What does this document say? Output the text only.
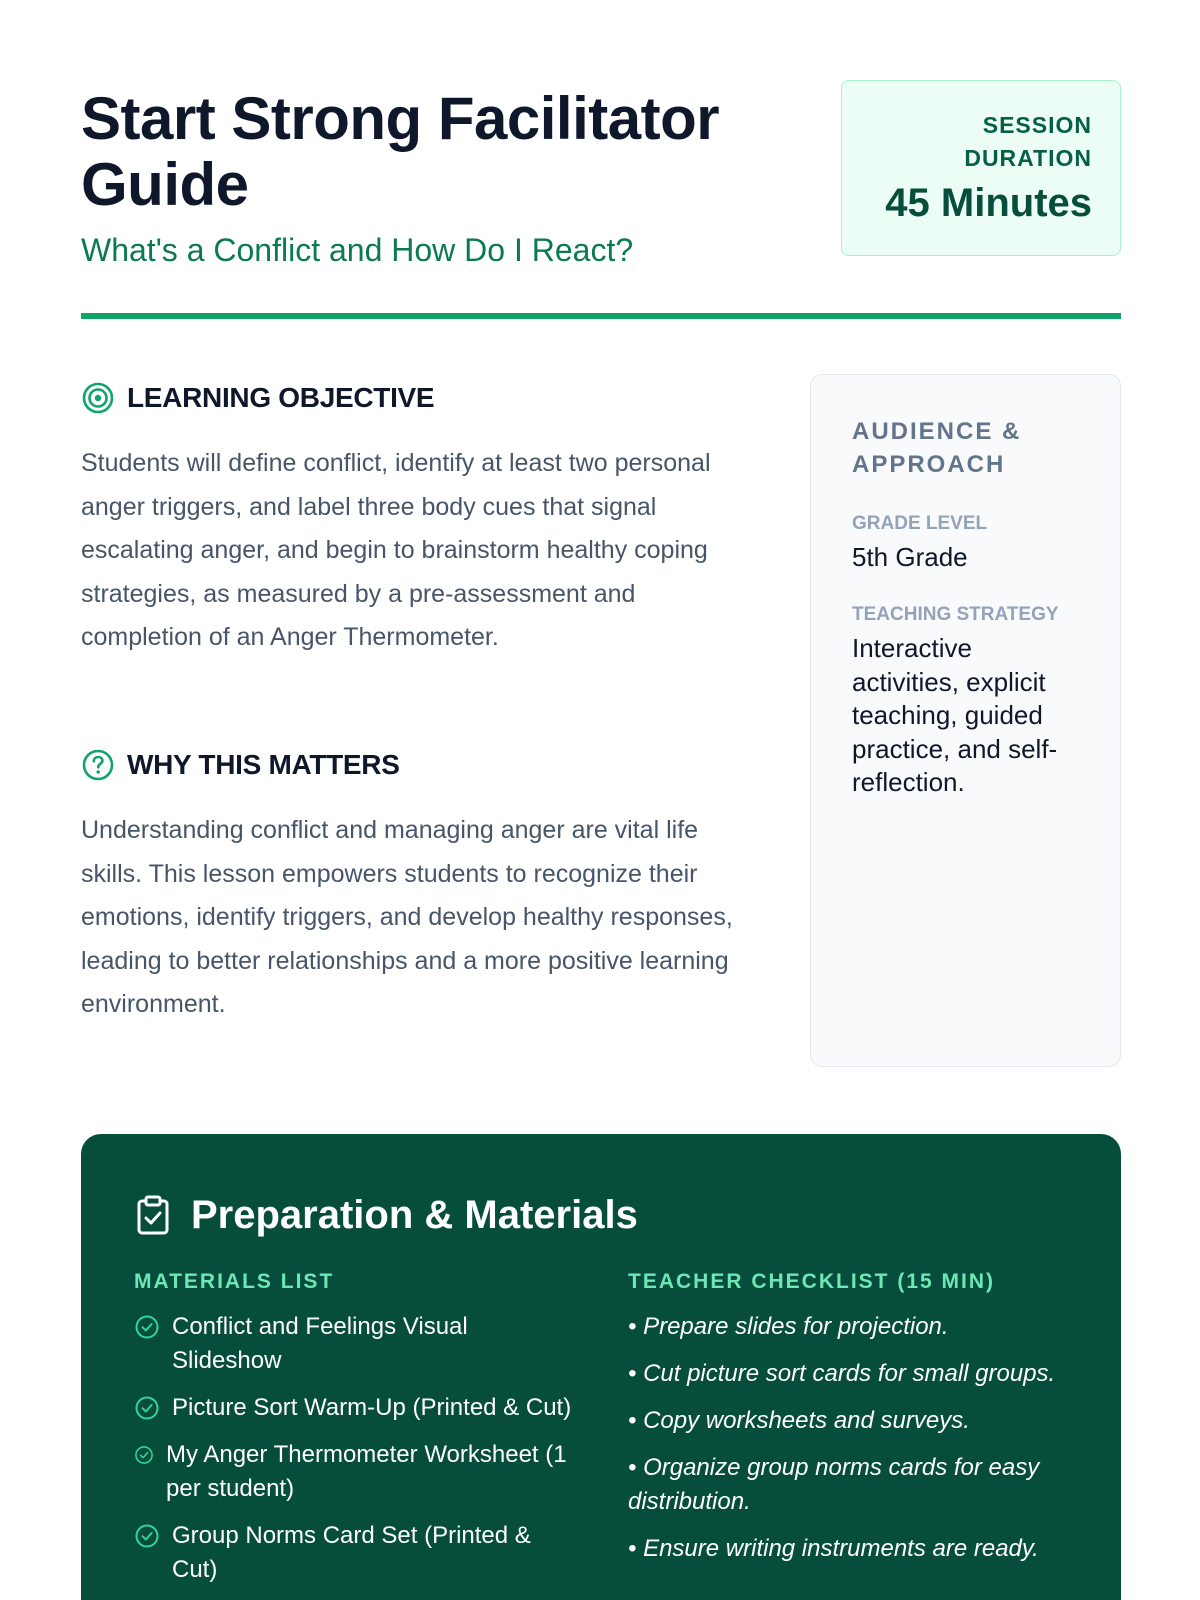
Start Strong Facilitator Guide
What's a Conflict and How Do I React?
SESSION DURATION
45 Minutes
LEARNING OBJECTIVE

Students will define conflict, identify at least two personal anger triggers, and label three body cues that signal escalating anger, and begin to brainstorm healthy coping strategies, as measured by a pre-assessment and completion of an Anger Thermometer.

WHY THIS MATTERS

Understanding conflict and managing anger are vital life skills. This lesson empowers students to recognize their emotions, identify triggers, and develop healthy responses, leading to better relationships and a more positive learning environment.

AUDIENCE & APPROACH
GRADE LEVEL
5th Grade
TEACHING STRATEGY
Interactive activities, explicit teaching, guided practice, and self-reflection.
Preparation & Materials
MATERIALS LIST
Conflict and Feelings Visual Slideshow
Picture Sort Warm-Up (Printed & Cut)
My Anger Thermometer Worksheet (1 per student)
Group Norms Card Set (Printed & Cut)
TEACHER CHECKLIST (15 MIN)
• Prepare slides for projection.
• Cut picture sort cards for small groups.
• Copy worksheets and surveys.
• Organize group norms cards for easy distribution.
• Ensure writing instruments are ready.
